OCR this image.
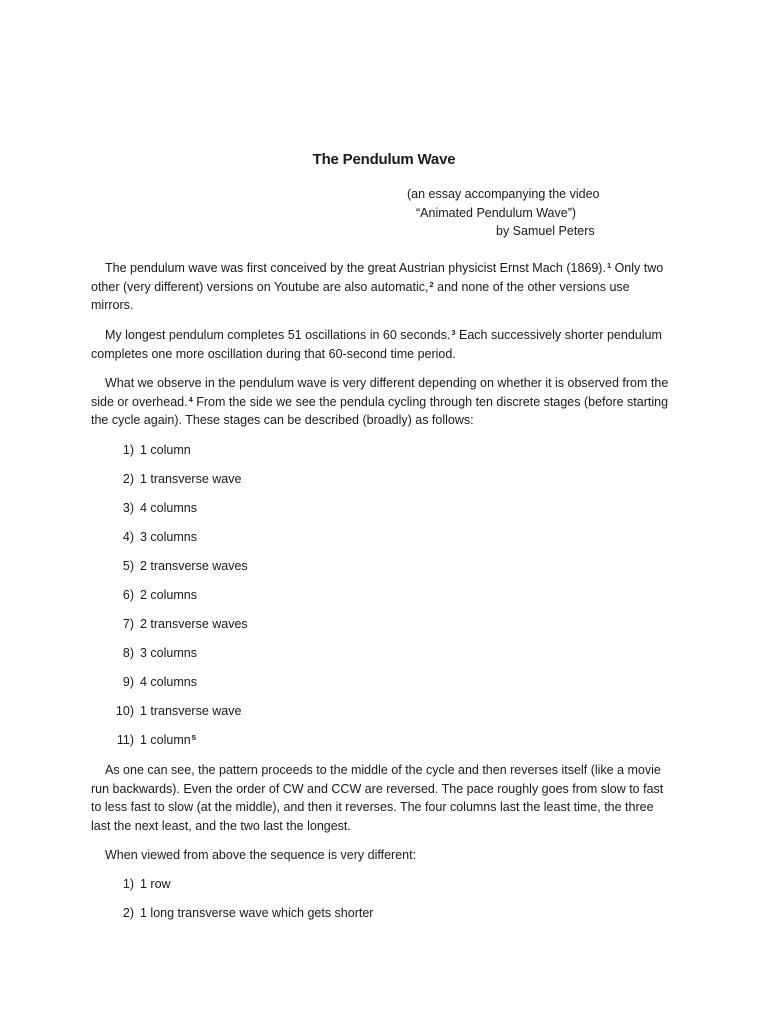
The Pendulum Wave
(an essay accompanying the video
“Animated Pendulum Wave”)
by Samuel Peters

The pendulum wave was first conceived by the great Austrian physicist Ernst Mach (1869).$^1$ Only two other (very different) versions on Youtube are also automatic,$^2$ and none of the other versions use mirrors.

My longest pendulum completes 51 oscillations in 60 seconds.$^3$ Each successively shorter pendulum completes one more oscillation during that 60-second time period.

What we observe in the pendulum wave is very different depending on whether it is observed from the side or overhead.$^4$ From the side we see the pendula cycling through ten discrete stages (before starting the cycle again). These stages can be described (broadly) as follows:

1) 1 column
2) 1 transverse wave
3) 4 columns
4) 3 columns
5) 2 transverse waves
6) 2 columns
7) 2 transverse waves
8) 3 columns
9) 4 columns
10) 1 transverse wave
11) 1 column$^5$

As one can see, the pattern proceeds to the middle of the cycle and then reverses itself (like a movie run backwards). Even the order of CW and CCW are reversed. The pace roughly goes from slow to fast to less fast to slow (at the middle), and then it reverses. The four columns last the least time, the three last the next least, and the two last the longest.

When viewed from above the sequence is very different:

1) 1 row
2) 1 long transverse wave which gets shorter
